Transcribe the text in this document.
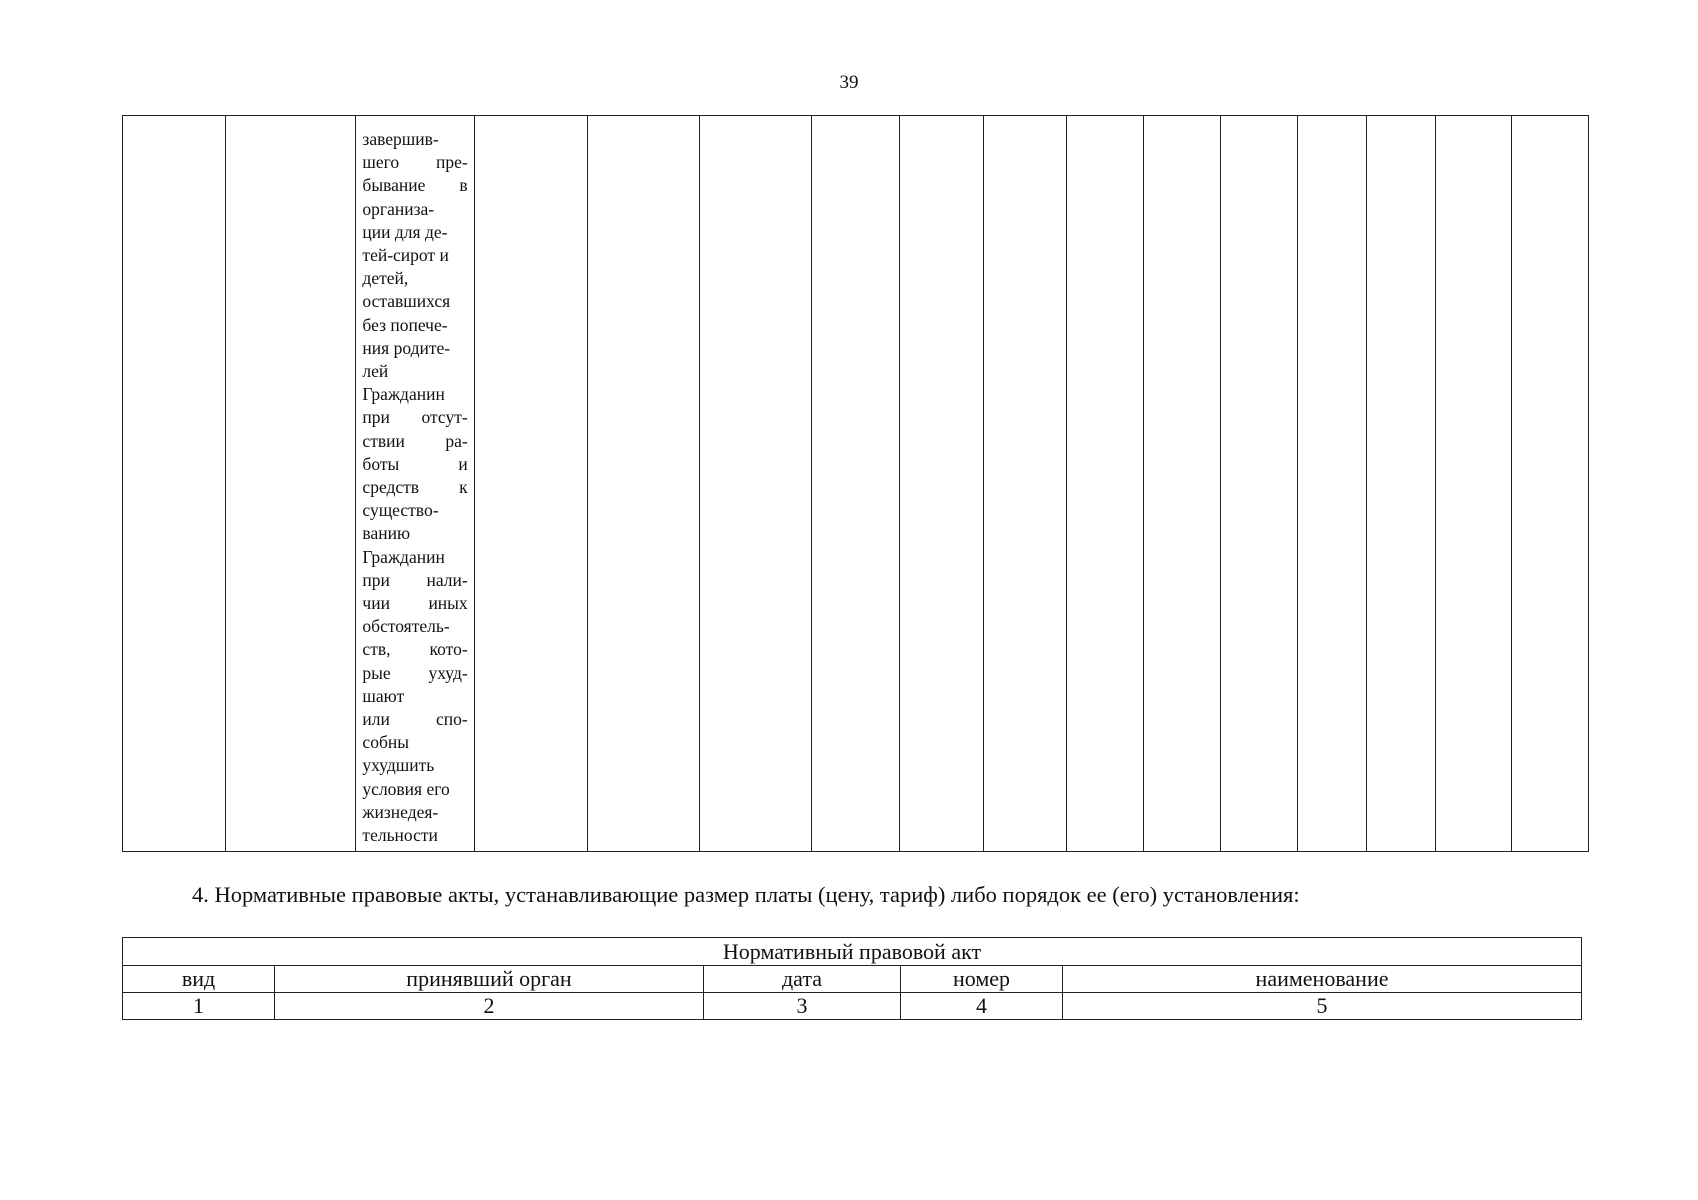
39

завершив-
шего пре-
бывание в
организа-
ции для де-
тей-сирот и
детей,
оставшихся
без попече-
ния родите-
лей
Гражданин
при отсут-
ствии ра-
боты	и
средств к
существо-
ванию
Гражданин
при нали-
чии иных
обстоятель-
ств, кото-
рые ухуд-
шают
или	спо-
собны
ухудшить
условия его
жизнедея-
тельности

4. Нормативные правовые акты, устанавливающие размер платы (цену, тариф) либо порядок ее (его) установления:
Нормативный правовой акт				
вид	принявший орган	дата	номер	наименование
1	2	3	4	5
